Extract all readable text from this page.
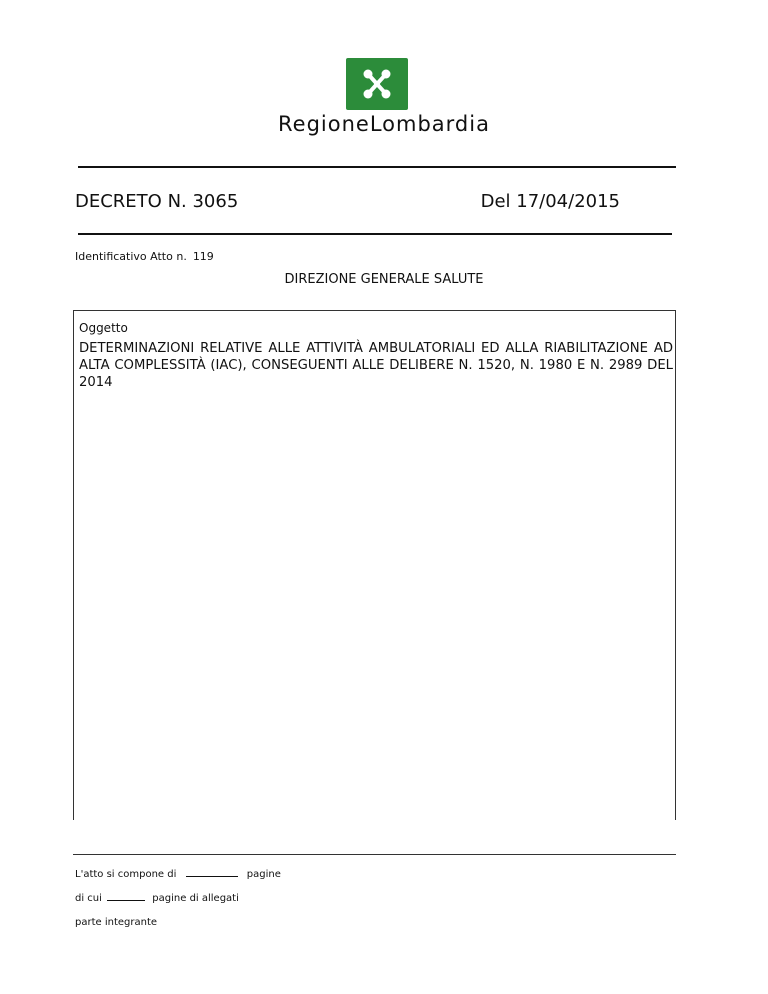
RegioneLombardia
DECRETO N. 3065	Del 17/04/2015
Identificativo Atto n. 119
DIREZIONE GENERALE SALUTE
Oggetto
DETERMINAZIONI RELATIVE ALLE ATTIVITÀ AMBULATORIALI ED ALLA RIABILITAZIONE AD ALTA COMPLESSITÀ (IAC), CONSEGUENTI ALLE DELIBERE N. 1520, N. 1980 E N. 2989 DEL 2014
L'atto si compone di	pagine
di cui	pagine di allegati
parte integrante
